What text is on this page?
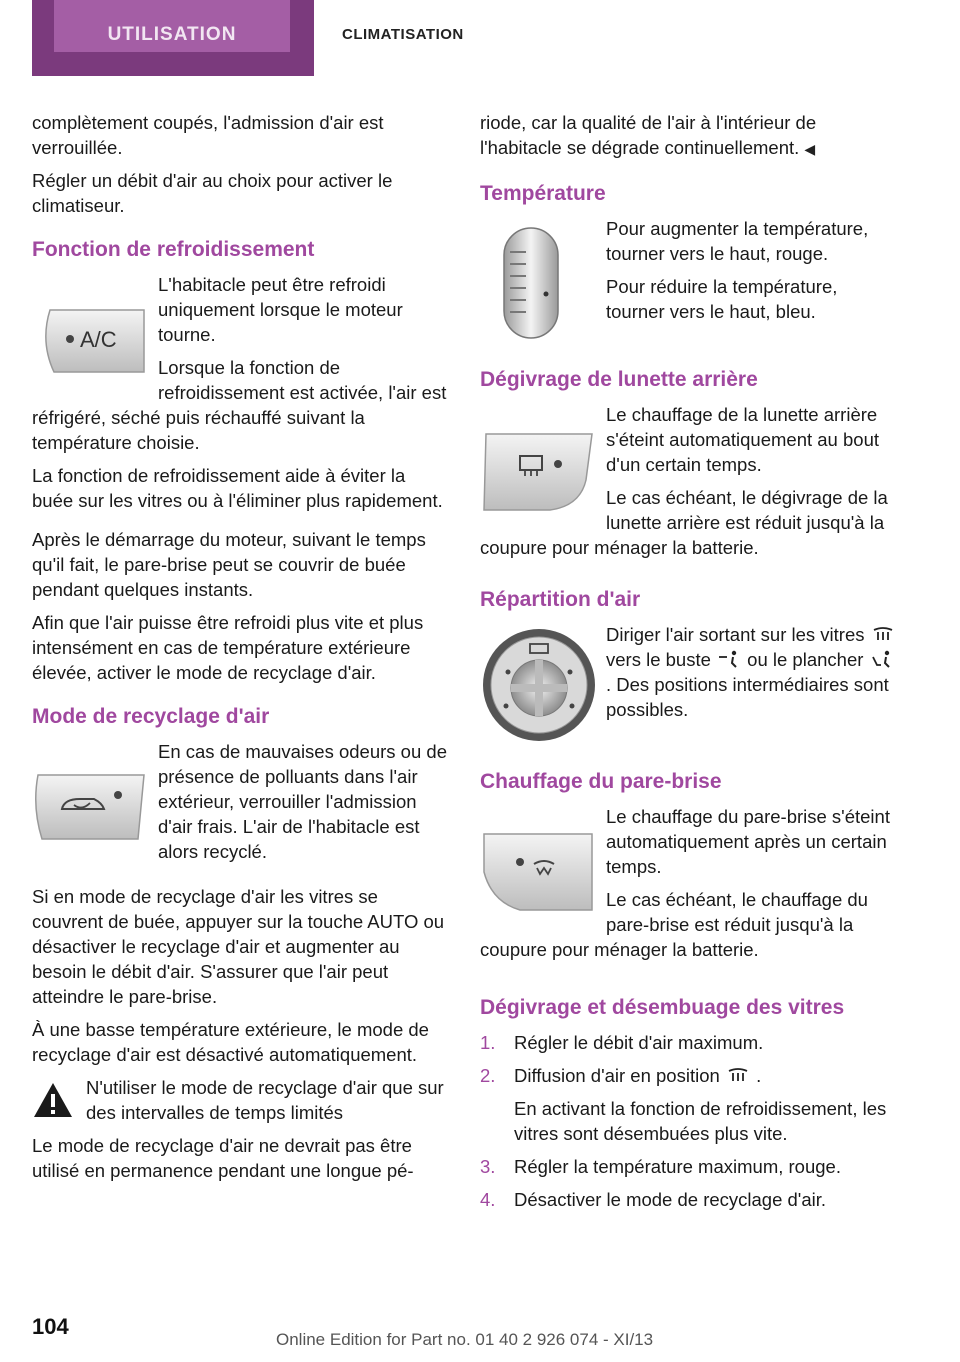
UTILISATION	CLIMATISATION

complètement coupés, l'admission d'air est verrouillée.

Régler un débit d'air au choix pour activer le climatiseur.

Fonction de refroidissement
A/C

L'habitacle peut être refroidi uniquement lorsque le moteur tourne.

Lorsque la fonction de refroidissement est activée, l'air est réfrigéré, séché puis réchauffé suivant la température choisie.

La fonction de refroidissement aide à éviter la buée sur les vitres ou à l'éliminer plus rapidement.

Après le démarrage du moteur, suivant le temps qu'il fait, le pare-brise peut se couvrir de buée pendant quelques instants.

Afin que l'air puisse être refroidi plus vite et plus intensément en cas de température extérieure élevée, activer le mode de recyclage d'air.

Mode de recyclage d'air

En cas de mauvaises odeurs ou de présence de polluants dans l'air extérieur, verrouiller l'admission d'air frais. L'air de l'habitacle est alors recyclé.

Si en mode de recyclage d'air les vitres se couvrent de buée, appuyer sur la touche AUTO ou désactiver le recyclage d'air et augmenter au besoin le débit d'air. S'assurer que l'air peut atteindre le pare-brise.

À une basse température extérieure, le mode de recyclage d'air est désactivé automatiquement.

N'utiliser le mode de recyclage d'air que sur des intervalles de temps limités

Le mode de recyclage d'air ne devrait pas être utilisé en permanence pendant une longue pé-

riode, car la qualité de l'air à l'intérieur de l'habitacle se dégrade continuellement. ◀

Température

Pour augmenter la température, tourner vers le haut, rouge.

Pour réduire la température, tourner vers le haut, bleu.

Dégivrage de lunette arrière

Le chauffage de la lunette arrière s'éteint automatiquement au bout d'un certain temps.

Le cas échéant, le dégivrage de la lunette arrière est réduit jusqu'à la coupure pour ménager la batterie.

Répartition d'air

Diriger l'air sortant sur les vitres  vers le buste ou le plancher  . Des positions intermédiaires sont possibles.

Chauffage du pare-brise

Le chauffage du pare-brise s'éteint automatiquement après un certain temps.

Le cas échéant, le chauffage du pare-brise est réduit jusqu'à la coupure pour ménager la batterie.

Dégivrage et désembuage des vitres
1. Régler le débit d'air maximum.
2. Diffusion d'air en position .
En activant la fonction de refroidissement, les vitres sont désembuées plus vite.
3. Régler la température maximum, rouge.
4. Désactiver le mode de recyclage d'air.
104
Online Edition for Part no. 01 40 2 926 074 - XI/13
